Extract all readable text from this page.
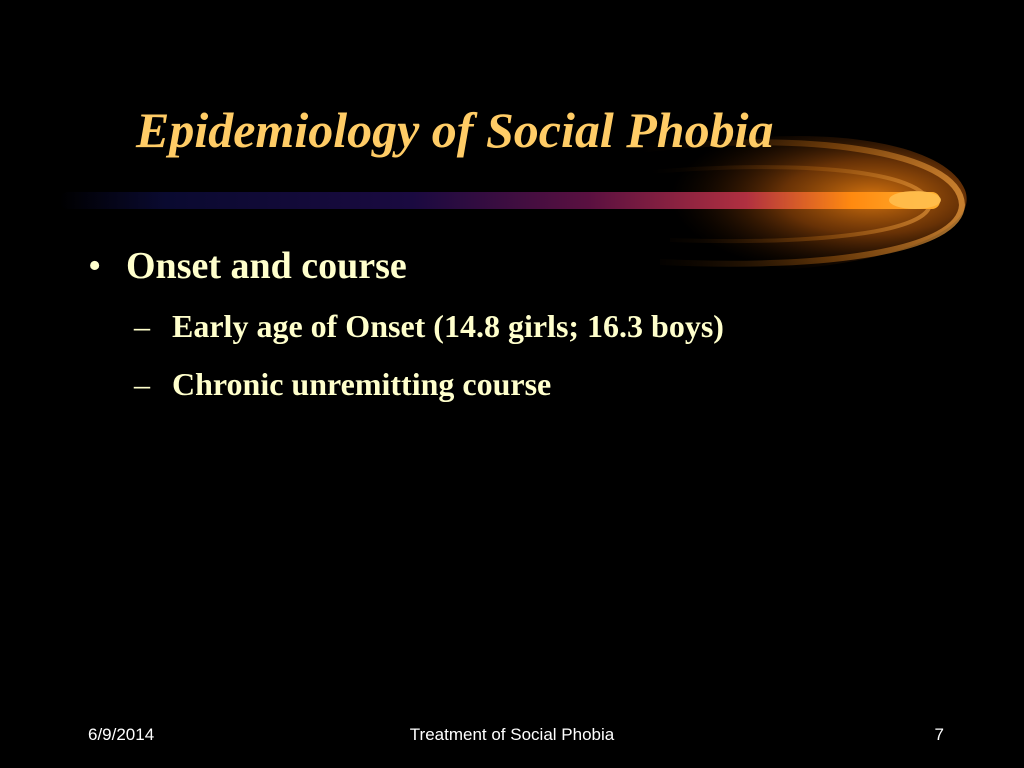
Epidemiology of Social Phobia
• Onset and course
– Early age of Onset (14.8 girls; 16.3 boys)
– Chronic unremitting course
6/9/2014	Treatment of Social Phobia	7
